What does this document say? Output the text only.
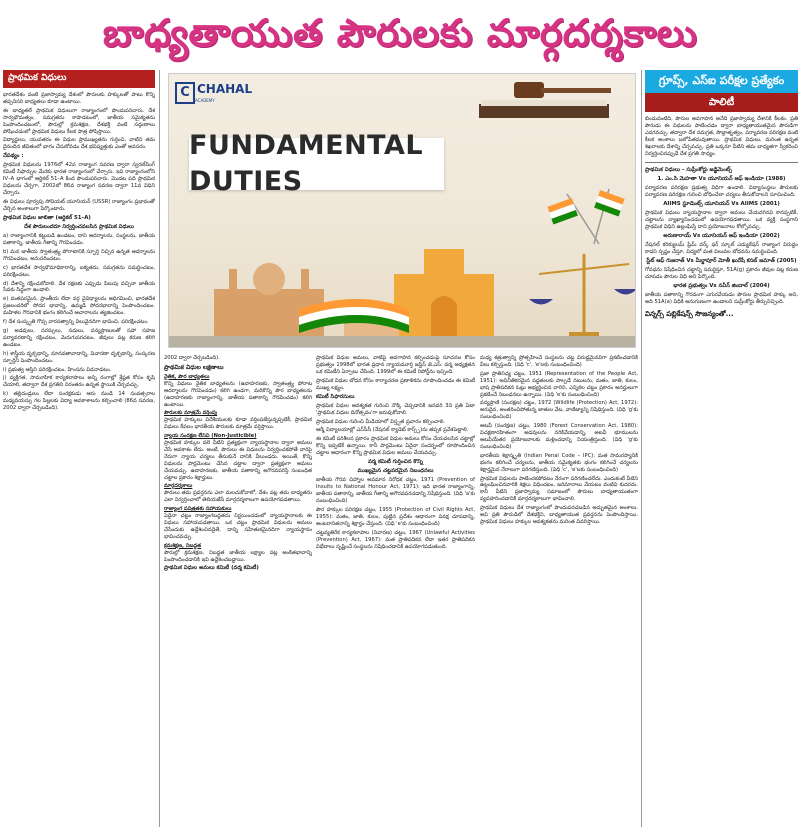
బాధ్యతాయుత పౌరులకు మార్గదర్శకాలు
ప్రాథమిక విధులు

భారతదేశం వంటి ప్రజాస్వామ్య దేశంలో పౌరులకు హక్కులతో పాటు కొన్ని తప్పనిసరి బాధ్యతలు కూడా ఉంటాయి.

ఈ బాధ్యతలే ప్రాథమిక విధులుగా రాజ్యాంగంలో పొందుపరిచారు. దేశ సార్వభౌమత్వం, సమగ్రతను కాపాడటంలో, జాతీయ సమైక్యతను పెంపొందించటంలో, పౌరుల్లో క్రమశిక్షణ, దేశభక్తి వంటి సద్గుణాలు పోషించడంలో ప్రాథమిక విధులు కీలక పాత్ర పోషిస్తాయి.

విద్యార్థులు, యువతరం ఈ విధుల ప్రాముఖ్యతను గుర్తించి, వాటిని తమ దైనందిన జీవితంలో భాగం చేసుకోవడం దేశ భవిష్యత్తుకు ఎంతో అవసరం.

నేపథ్యం :

ప్రాథమిక విధులను 1976లో 42వ రాజ్యాంగ సవరణ ద్వారా స్వరణ్‌సింగ్ కమిటీ సిఫార్సుల మేరకు భారత రాజ్యాంగంలో చేర్చారు. ఇవి రాజ్యాంగంలోని IV–A భాగంలో ఆర్టికల్ 51–A కింద పొందుపరిచారు. మొదట పది ప్రాథమిక విధులను చేర్చగా, 2002లో 86వ రాజ్యాంగ సవరణ ద్వారా 11వ విధిని చేర్చారు.

ఈ విధులు పూర్వపు సోవియట్ యూనియన్ (USSR) రాజ్యాంగం ప్రభావంతో చేర్చిన అంశాలుగా పేర్కొంటారు.

ప్రాథమిక విధుల జాబితా (ఆర్టికల్ 51–A)
దేశ పౌరులందరూ నిర్వర్తించవలసిన ప్రాథమిక విధులు

a) రాజ్యాంగానికి కట్టుబడి ఉండటం, దాని ఆదర్శాలను, సంస్థలను, జాతీయ పతాకాన్ని, జాతీయ గీతాన్ని గౌరవించడం.

b) మన జాతీయ స్వాతంత్ర్య పోరాటానికి స్ఫూర్తి నిచ్చిన ఉన్నత ఆదర్శాలను గౌరవించటం, అనుసరించటం.

c) భారతదేశ సార్వభౌమాధికారాన్ని, ఐక్యతను, సమగ్రతను సమర్థించటం, పరిరక్షించటం.

d) దేశాన్ని రక్షించుకోవాలి. దేశ రక్షణకు ఎప్పుడు పిలుపు వచ్చినా జాతీయ సేవకు సిద్ధంగా ఉండాలి.

e) మతపరమైన, ప్రాంతీయ లేదా వర్గ వైవిధ్యాలను అధిగమించి, భారతదేశ ప్రజలందరిలో సోదర భావాన్ని, ఉమ్మడి సోదరభావాన్ని పెంపొందించటం. మహిళల గౌరవానికి భంగం కలిగించే ఆచారాలను త్యజించటం.

f) దేశ సంస్కృతి గొప్ప వారసత్వాన్ని విలువైనదిగా భావించి, పరిరక్షించటం.

g) అడవులు, సరస్సులు, నదులు, వన్యప్రాణులతో సహా సహజ పర్యావరణాన్ని రక్షించటం, మెరుగుపరచటం, జీవులు పట్ల కరుణ కలిగి ఉండటం.

h) శాస్త్రీయ దృక్పథాన్ని, మానవతావాదాన్ని, విచారణా దృక్పథాన్ని, సంస్కరణ స్ఫూర్తిని పెంపొందించటం.

i) ప్రభుత్వ ఆస్తిని పరిరక్షించటం, హింసను విడనాడటం.

j) వ్యక్తిగత, సామూహిక కార్యకలాపాలు అన్ని రంగాల్లో శ్రేష్ఠత కోసం కృషి చేయాలి, తద్వారా దేశ ప్రగతిని నిరంతరం ఉన్నత స్థాయికి చేర్చవచ్చు.

k) తల్లిదండ్రులు లేదా సంరక్షకుడు ఆరు నుండి 14 సంవత్సరాల మధ్యవయస్సు గల పిల్లలకు విద్యా అవకాశాలను కల్పించాలి (86వ సవరణ, 2002 ద్వారా చేర్చబడింది).

C CHAHAL
ACADEMY
FUNDAMENTAL DUTIES

2002 ద్వారా చేర్చబడింది).

ప్రాథమిక విధుల లక్షణాలు
నైతిక, పౌర బాధ్యతలు

కొన్ని విధులు నైతిక బాధ్యతలను (ఉదాహరణకు, స్వాతంత్ర్య పోరాట ఆదర్శాలను గౌరవించడం) కలిగి ఉండగా, మరికొన్ని పౌర బాధ్యతలను (ఉదాహరణకు రాజ్యాంగాన్ని, జాతీయ పతాకాన్ని గౌరవించడం) కలిగి ఉంటాయి.

పౌరులకు మాత్రమే వర్తింపు

ప్రాథమిక హక్కులు విదేశీయులకు కూడా వర్తింపజేస్తున్నప్పటికీ, ప్రాథమిక విధులు కేవలం భారతీయ పౌరులకు మాత్రమే వర్తిస్తాయి.

న్యాయ సంరక్షణ లేనివి (Non-Justicible)

ప్రాథమిక హక్కుల వలె వీటిని ప్రత్యక్షంగా న్యాయస్థానాల ద్వారా అమలు చేసే అవకాశం లేదు. అంటే, పౌరులు ఈ విధులను నిర్వర్తించకపోతే వారిపై నేరుగా న్యాయ చర్యలు తీసుకునే దానికి వీలుండదు. అయితే, కొన్ని విధులను పార్లమెంటు చేసిన చట్టాల ద్వారా ప్రత్యక్షంగా అమలు చేయవచ్చు. ఉదాహరణకు, జాతీయ పతాకాన్ని అగౌరవపరిస్తే సంబంధిత చట్టాల ప్రకారం శిక్షార్హులు.

మార్గదర్శకాలు

పౌరులు తమ ప్రవర్తనను ఎలా మలచుకోవాలో, దేశం పట్ల తమ బాధ్యతను ఎలా నిర్వర్తించాలో తెలియజేసే మార్గదర్శకాలుగా ఉపయోగపడతాయి.

రాజ్యాంగ పవిత్రతకు సహాయకులు

ఏదైనా చట్టం రాజ్యాంగబద్ధతను నిర్ణయించడంలో న్యాయస్థానాలకు ఈ విధులు సహాయపడతాయి. ఒక చట్టం ప్రాథమిక విధులను అమలు చేసేందుకు ఉద్దేశించినదైతే, దాన్ని సహేతుకమైనదిగా న్యాయస్థానం భావించవచ్చు.

క్రమశిక్షణ, నిబద్ధత

పౌరుల్లో క్రమశిక్షణ, నిబద్ధత జాతీయ లక్ష్యాల పట్ల అంకితభావాన్ని పెంపొందించడానికి ఇవి ఉద్దేశించబడ్డాయి.

ప్రాథమిక విధుల అమలు కమిటీ (వర్మ కమిటీ)

ప్రాథమిక విధుల అమలు, వాటిపై అవగాహన కల్పించడంపై సూచనల కోసం ప్రభుత్వం 1998లో భారత ప్రధాన న్యాయమూర్తి జస్టిస్ జె.ఎస్. వర్మ అధ్యక్షతన ఒక కమిటీని ఏర్పాటు చేసింది. 1999లో ఈ కమిటీ రిపోర్ట్‌ను ఇచ్చింది.

ప్రాథమిక విధుల బోధన కోసం కార్యాచరణ ప్రణాళికను రూపొందించడం ఈ కమిటీ ముఖ్య లక్ష్యం.

కమిటీ సిఫారసులు

ప్రాథమిక విధుల ఆవశ్యకత గురించి నొక్కి చెప్పడానికి జనవరి 3ని ప్రతి ఏటా 'ప్రాథమిక విధుల దినోత్సవం'గా జరుపుకోవాలి.

ప్రాథమిక విధుల గురించి మీడియాలో విస్తృత ప్రచారం కల్పించాలి.

ఆర్మీ విద్యాలయాల్లో ఎన్‌సీసీ (నేషనల్ క్యాడెట్ కార్ప్స్)ను తప్పక ప్రవేశపెట్టాలి.

ఈ కమిటీ పరిశీలన ప్రకారం ప్రాథమిక విధుల అమలు కోసం చేయవలసిన చట్టాల్లో కొన్ని ఇప్పటికే ఉన్నాయి. కానీ పార్లమెంటు ఏదైనా సందర్భంలో రూపొందించిన చట్టాల ఆధారంగా కొన్ని ప్రాథమిక విధుల అమలు చేయవచ్చు.

వర్మ కమిటీ గుర్తించిన కొన్ని
ముఖ్యమైన చట్టపరమైన నిబంధనలు

జాతీయ గౌరవ చిహ్నాల అవమాన నిరోధక చట్టం, 1971 (Prevention of Insults to National Honour Act, 1971): ఇది భారత రాజ్యాంగాన్ని, జాతీయ పతాకాన్ని, జాతీయ గీతాన్ని అగౌరవపరచడాన్ని నిషేధిస్తుంది. (విధి 'a'కు సంబంధించింది)

పౌర హక్కుల పరిరక్షణ చట్టం, 1955 (Protection of Civil Rights Act, 1955): మతం, జాతి, కులం, పుట్టిన ప్రదేశం ఆధారంగా వివక్ష చూపడాన్ని, అంటరానితనాన్ని శిక్షార్హం చేస్తుంది. (విధి 'e'కు సంబంధించింది)

చట్టవ్యతిరేక కార్యకలాపాల (నివారణ) చట్టం, 1967 (Unlawful Activities (Prevention) Act, 1967): మత ప్రాతిపదికన లేదా ఇతర ప్రాతిపదికన విభేదాలు సృష్టించే సంస్థలను నిషేధించడానికి ఉపయోగపడుతుంది.

మధ్య శత్రుత్వాన్ని ప్రోత్సహించే సంస్థలను చట్ట విరుద్ధమైనవిగా ప్రకటించడానికి వీలు కల్పిస్తుంది. (విధి 'c', 'e'లకు సంబంధించింది)

ప్రజా ప్రాతినిధ్య చట్టం, 1951 (Representation of the People Act, 1951): అవినీతికరమైన పద్ధతులకు పాల్పడే నటులను, మతం, జాతి, కులం, భాష ప్రాతిపదికన ఓట్లు అభ్యర్థించిన వారిని, ఎన్నికల చట్టం ప్రకారం అనర్హులుగా ప్రకటించే నిబంధనలు ఉన్నాయి. (విధి 'e'కు సంబంధించింది)

వన్యప్రాణి (సంరక్షణ) చట్టం, 1972 (Wildlife (Protection) Act, 1972): అరుదైన, అంతరించిపోతున్న జాతుల వేట, వాణిజ్యాన్ని నిషేధిస్తుంది. (విధి 'g'కు సంబంధించింది)

అటవీ (సంరక్షణ) చట్టం, 1980 (Forest Conservation Act, 1980): విచక్షణారహితంగా అడవులను నరికివేయడాన్ని, అటవీ భూములను అటవీయేతర ప్రయోజనాలకు మళ్లించడాన్ని నియంత్రిస్తుంది. (విధి 'g'కు సంబంధించింది)

భారతీయ శిక్షాస్మృతి (Indian Penal Code – IPC): మత సామరస్యానికి భంగం కలిగించే చర్యలను, జాతీయ సమైక్యతకు భంగం కలిగించే చర్యలను శిక్షార్హమైన నేరాలుగా పరిగణిస్తుంది. (విధి 'c', 'e'లకు సంబంధించింది)

ప్రాథమిక విధులను పాటించకపోవటం నేరంగా పరిగణించలేదు. ఎందుకంటే వీటిని ఉల్లంఘించినవారికి శిక్షలు విధించటం, జరిమానాలు వేయటం వంటివి కుదరదు. కానీ వీటిని ప్రజాస్వామ్య సమాజంలో పౌరులు బాధ్యతాయుతంగా వ్యవహరించడానికి మార్గదర్శకాలుగా భావించాలి.

ప్రాథమిక విధులు దేశ రాజ్యాంగంలో పొందుపరచబడిన అద్భుతమైన అంశాలు. అవి ప్రతి పౌరుడిలో దేశభక్తిని, బాధ్యతాయుత ప్రవర్తనను పెంపొందిస్తాయి. ప్రాథమిక విధులు హక్కుల ఆవశ్యకతను మరింత వివరిస్తాయి.

గ్రూప్స్, ఎస్ఐ పరీక్షల ప్రత్యేకం
పాలిటీ

బిందువంటిది, పౌరుల అవగాహన అనేది ప్రజాస్వామ్య దేశానికి కీలకం. ప్రతి పౌరుడు ఈ విధులను పాటించడం ద్వారా బాధ్యతాయుతమైన పౌరుడిగా ఎదగవచ్చు. తద్వారా దేశ సమగ్రత, సౌభ్రాతృత్వం, పర్యావరణ పరిరక్షణ వంటి కీలక అంశాలు బలోపేతమవుతాయి. ప్రాథమిక విధులు, మరింత ఉన్నత శిఖరాలకు దేశాన్ని చేర్చవచ్చు. ప్రతి ఒక్కరూ వీటిని తమ బాధ్యతగా స్వీకరించి నిర్వర్తించినప్పుడే దేశ ప్రగతి సాధ్యం.

ప్రాథమిక విధులు – సుప్రీంకోర్టు జడ్జిమెంట్స్
1. ఎం.సి మెహతా Vs యూనియన్ ఆఫ్ ఇండియా (1988)

పర్యావరణ పరిరక్షణ ప్రభుత్వ విధిగా ఉండాలి. విద్యాసంస్థలు పౌరులకు పర్యావరణ పరిరక్షణ గురించి బోధించేలా చర్యలు తీసుకోవాలని సూచించింది.

AIIMS స్టూడెంట్స్ యూనియన్ Vs AIIMS (2001)

ప్రాథమిక విధులు న్యాయస్థానాల ద్వారా అమలు చేయదగినవి కానప్పటికీ, చట్టాలను వ్యాఖ్యానించడంలో ఉపయోగపడతాయి. ఒక వ్యక్తి సంస్థగాని ప్రాథమిక విధిని ఉల్లంఘిస్తే దాని ప్రయోజనాలు కోల్పోవచ్చు.

అరుణారాయ్ Vs యూనియన్ ఆఫ్ ఇండియా (2002)

నేషనల్ కరిక్యులమ్ ఫ్రేమ్ వర్క్ ఫర్ స్కూల్ ఎడ్యుకేషన్ రాజ్యాంగ విరుద్ధం కాదని స్పష్టం చేస్తూ, విద్యలో మత విలువల బోధనను సమర్థించింది.

స్టేట్ ఆఫ్ గుజరాత్ Vs మీర్జాపూర్ మోతీ ఖురేషీ కసబ్ జమాత్ (2005)

గోవధను నిషేధించిన చట్టాన్ని సమర్థిస్తూ, 51A(g) ప్రకారం జీవుల పట్ల కరుణ చూపడం పౌరుల విధి అని పేర్కొంది.

భారత ప్రభుత్వం Vs నవీన్ జిందాల్ (2004)

జాతీయ పతాకాన్ని గౌరవంగా ఎగురవేయడం పౌరుల ప్రాథమిక హక్కు అని, అది 51A(a) విధికి అనుగుణంగా ఉండాలని సుప్రీంకోర్టు తీర్పునిచ్చింది.

విన్నర్స్ పబ్లికేషన్స్ సౌజన్యంతో...
